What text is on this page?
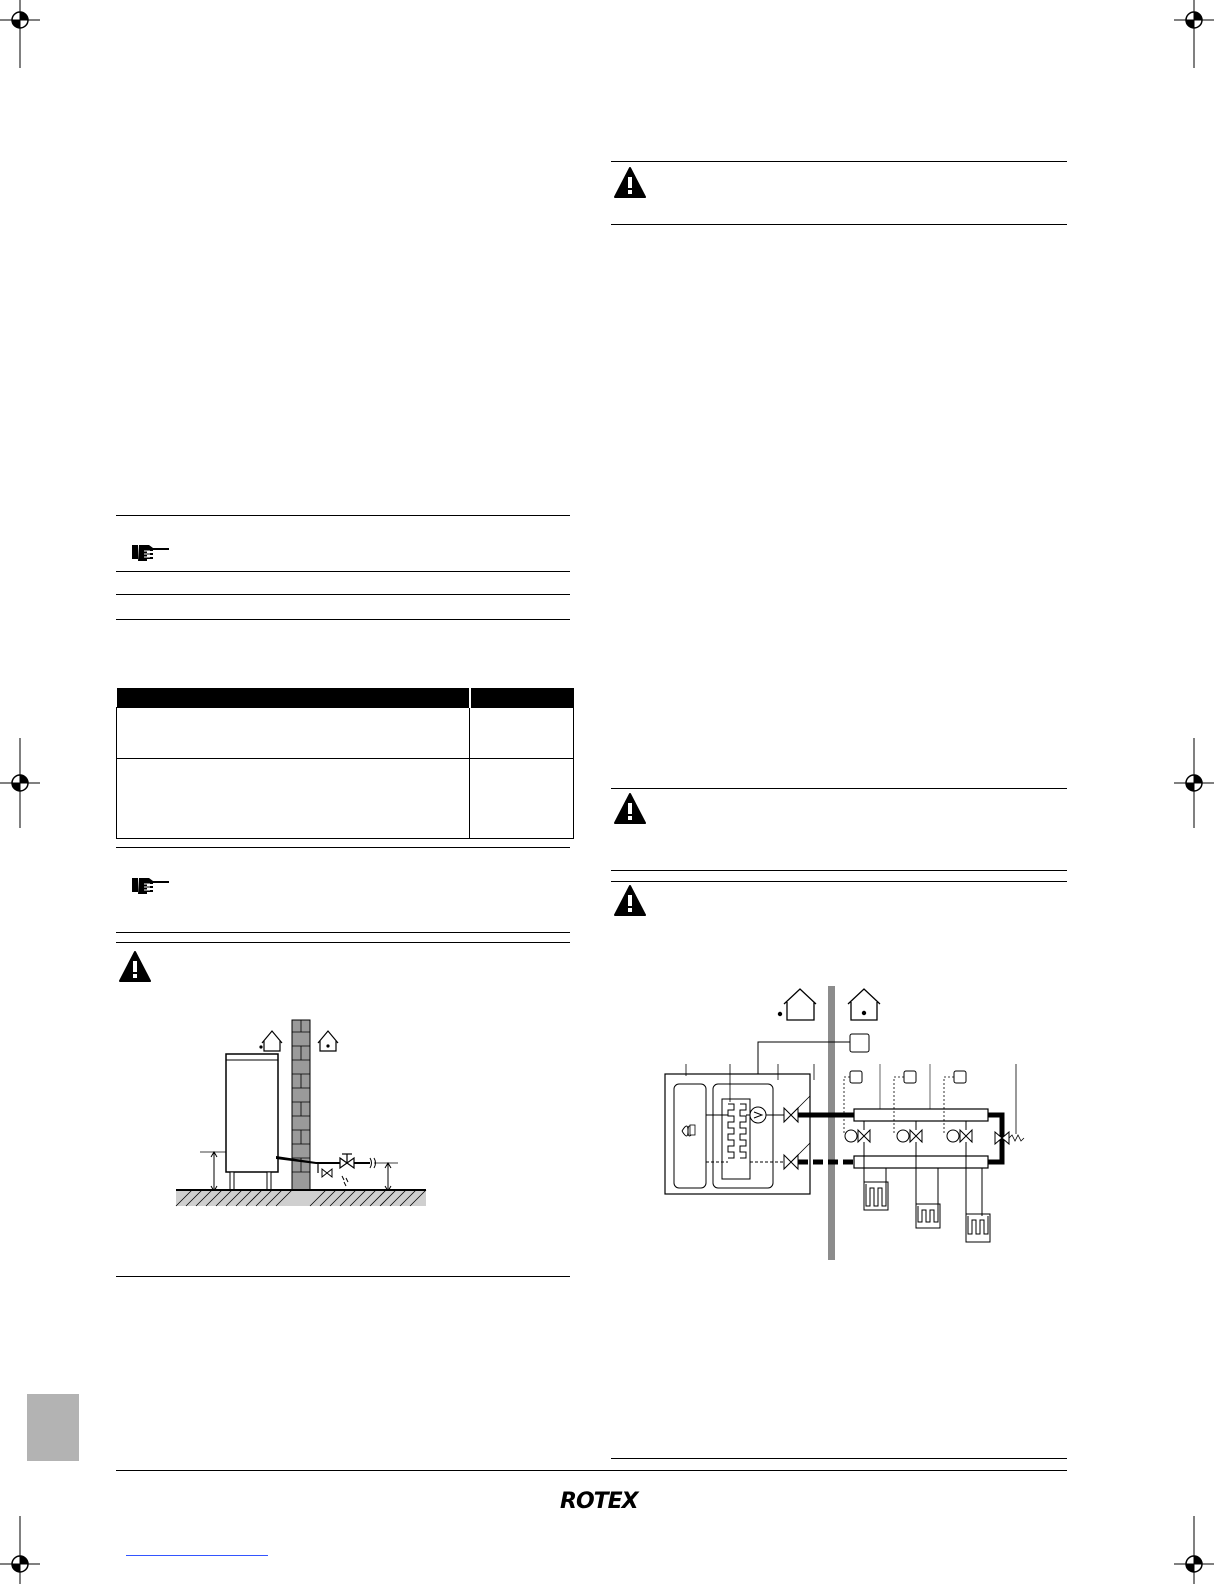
ROTEX
